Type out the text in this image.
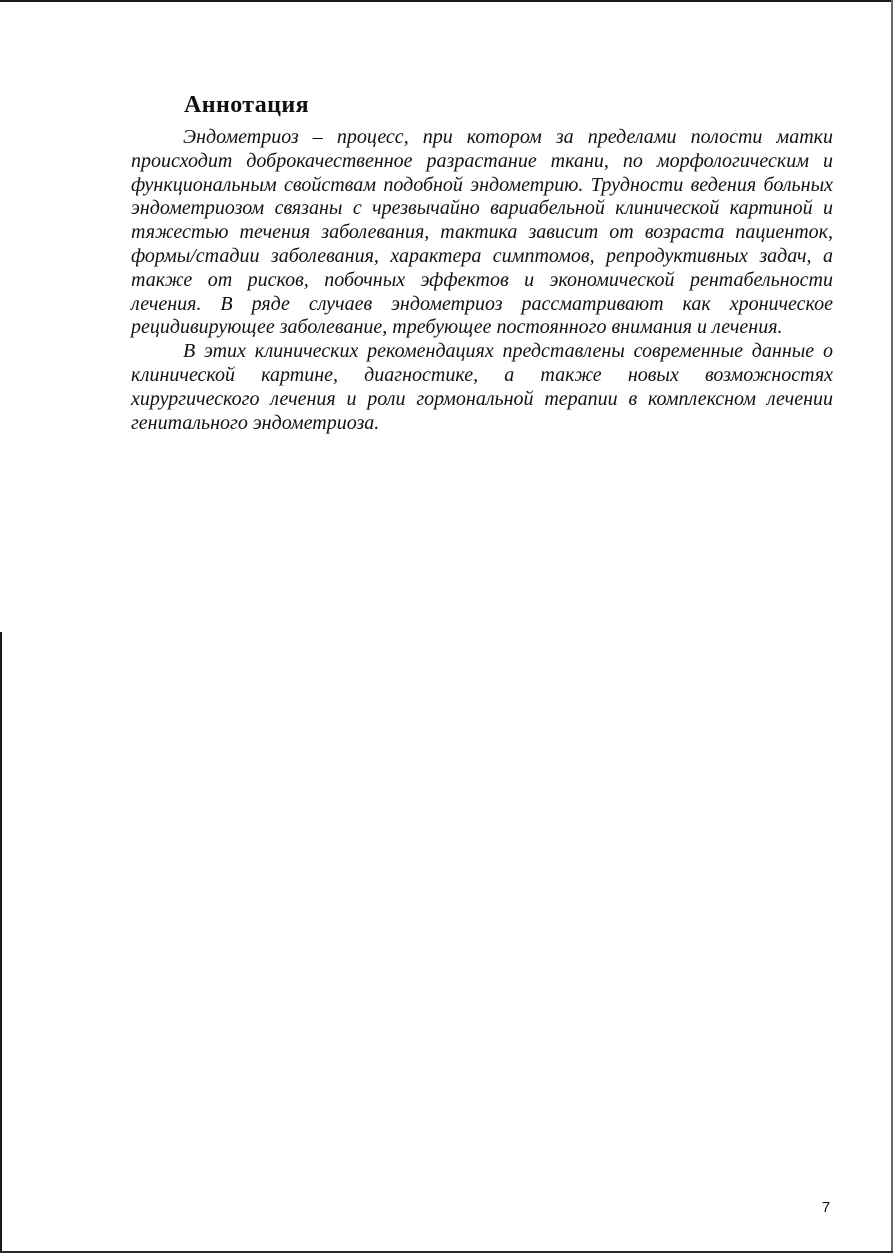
Аннотация

Эндометриоз – процесс, при котором за пределами полости матки происходит доброкачественное разрастание ткани, по морфологическим и функциональным свойствам подобной эндометрию. Трудности ведения больных эндометриозом связаны с чрезвычайно вариабельной клинической картиной и тяжестью течения заболевания, тактика зависит от возраста пациенток, формы/стадии заболевания, характера симптомов, репродуктивных задач, а также от рисков, побочных эффектов и экономической рентабельности лечения. В ряде случаев эндометриоз рассматривают как хроническое рецидивирующее заболевание, требующее постоянного внимания и лечения.

В этих клинических рекомендациях представлены современные данные о клинической картине, диагностике, а также новых возможностях хирургического лечения и роли гормональной терапии в комплексном лечении генитального эндометриоза.

7
